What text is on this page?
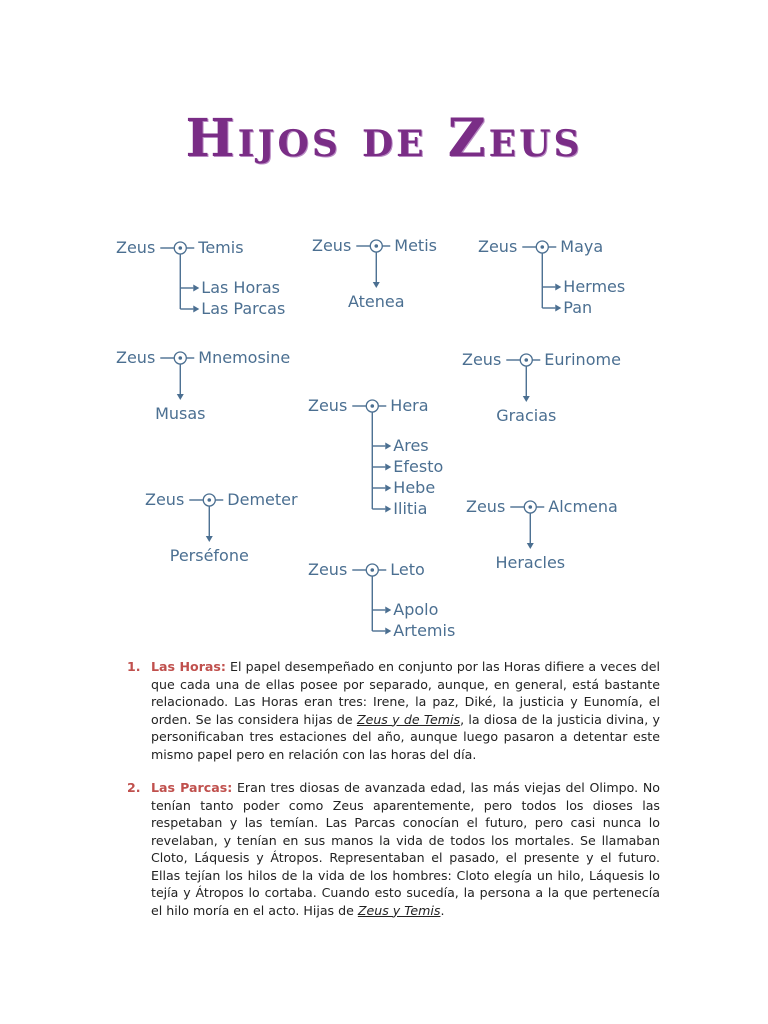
Hijos de Zeus
Zeus	Temis
Las Horas
Las Parcas
Zeus	Metis
Atenea
Zeus	Maya
Hermes
Pan
Zeus	Mnemosine
Musas
Zeus	Eurinome
Gracias
Zeus	Hera
Ares
Efesto
Hebe
Ilitia
Zeus	Demeter
Perséfone
Zeus	Alcmena
Heracles
Zeus	Leto
Apolo
Artemis
1. Las Horas: El papel desempeñado en conjunto por las Horas difiere a veces del que cada una de ellas posee por separado, aunque, en general, está bastante relacionado. Las Horas eran tres: Irene, la paz, Diké, la justicia y Eunomía, el orden. Se las considera hijas de Zeus y de Temis, la diosa de la justicia divina, y personificaban tres estaciones del año, aunque luego pasaron a detentar este mismo papel pero en relación con las horas del día.
2. Las Parcas: Eran tres diosas de avanzada edad, las más viejas del Olimpo. No tenían tanto poder como Zeus aparentemente, pero todos los dioses las respetaban y las temían. Las Parcas conocían el futuro, pero casi nunca lo revelaban, y tenían en sus manos la vida de todos los mortales. Se llamaban Cloto, Láquesis y Átropos. Representaban el pasado, el presente y el futuro. Ellas tejían los hilos de la vida de los hombres: Cloto elegía un hilo, Láquesis lo tejía y Átropos lo cortaba. Cuando esto sucedía, la persona a la que pertenecía el hilo moría en el acto. Hijas de Zeus y Temis.
